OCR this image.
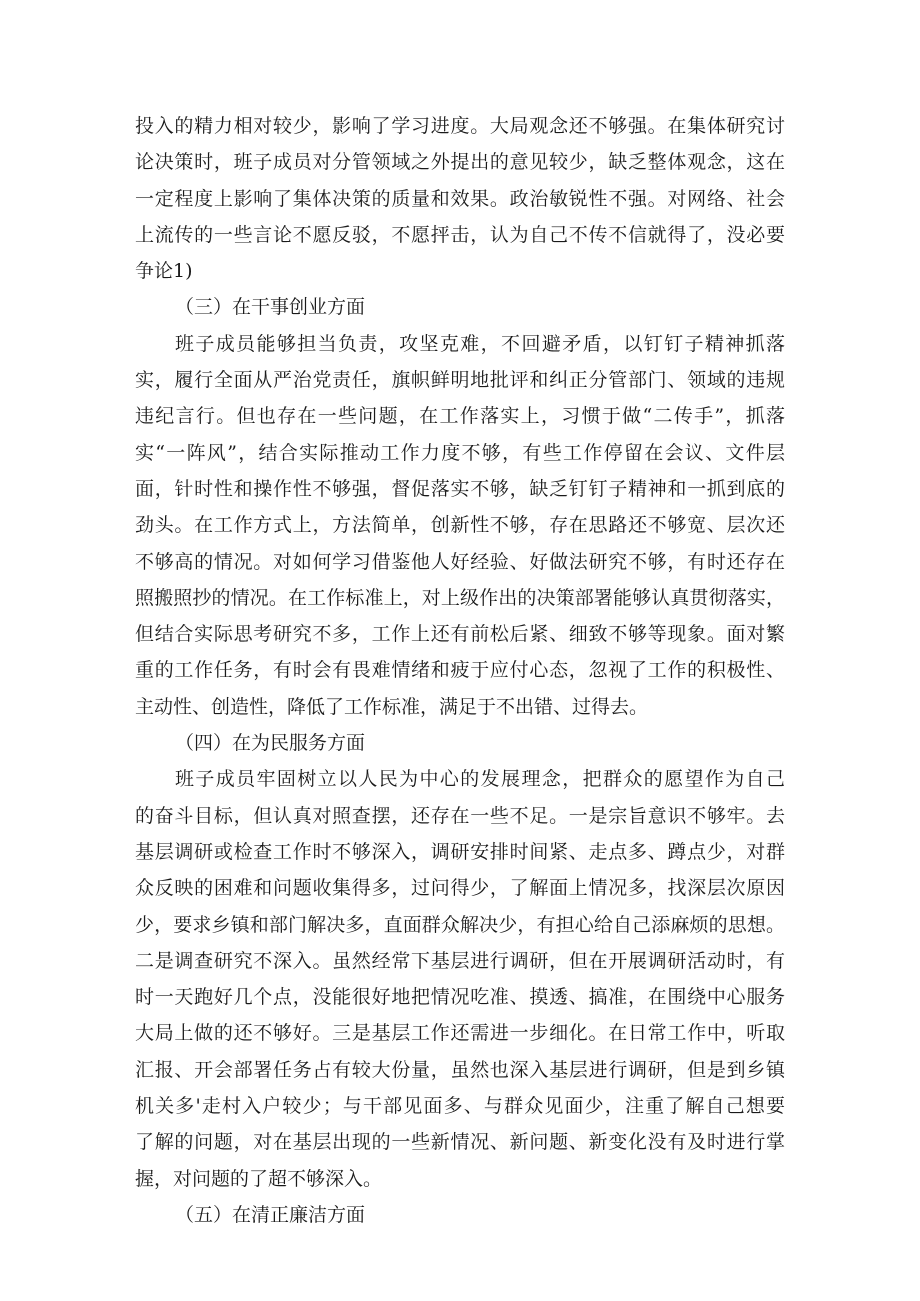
投入的精力相对较少，影响了学习进度。大局观念还不够强。在集体研究讨
论决策时，班子成员对分管领域之外提出的意见较少，缺乏整体观念，这在
一定程度上影响了集体决策的质量和效果。政治敏锐性不强。对网络、社会
上流传的一些言论不愿反驳，不愿抨击，认为自己不传不信就得了，没必要
争论1)
（三）在干事创业方面
班子成员能够担当负责，攻坚克难，不回避矛盾，以钉钉子精神抓落
实，履行全面从严治党责任，旗帜鲜明地批评和纠正分管部门、领域的违规
违纪言行。但也存在一些问题，在工作落实上，习惯于做“二传手”，抓落
实“一阵风”，结合实际推动工作力度不够，有些工作停留在会议、文件层
面，针时性和操作性不够强，督促落实不够，缺乏钉钉子精神和一抓到底的
劲头。在工作方式上，方法简单，创新性不够，存在思路还不够宽、层次还
不够高的情况。对如何学习借鉴他人好经验、好做法研究不够，有时还存在
照搬照抄的情况。在工作标准上，对上级作出的决策部署能够认真贯彻落实，
但结合实际思考研究不多，工作上还有前松后紧、细致不够等现象。面对繁
重的工作任务，有时会有畏难情绪和疲于应付心态，忽视了工作的积极性、
主动性、创造性，降低了工作标准，满足于不出错、过得去。
（四）在为民服务方面
班子成员牢固树立以人民为中心的发展理念，把群众的愿望作为自己
的奋斗目标，但认真对照查摆，还存在一些不足。一是宗旨意识不够牢。去
基层调研或检查工作时不够深入，调研安排时间紧、走点多、蹲点少，对群
众反映的困难和问题收集得多，过问得少，了解面上情况多，找深层次原因
少，要求乡镇和部门解决多，直面群众解决少，有担心给自己添麻烦的思想。
二是调查研究不深入。虽然经常下基层进行调研，但在开展调研活动时，有
时一天跑好几个点，没能很好地把情况吃准、摸透、搞准，在围绕中心服务
大局上做的还不够好。三是基层工作还需进一步细化。在日常工作中，听取
汇报、开会部署任务占有较大份量，虽然也深入基层进行调研，但是到乡镇
机关多'走村入户较少；与干部见面多、与群众见面少，注重了解自己想要
了解的问题，对在基层出现的一些新情况、新问题、新变化没有及时进行掌
握，对问题的了超不够深入。
（五）在清正廉洁方面
